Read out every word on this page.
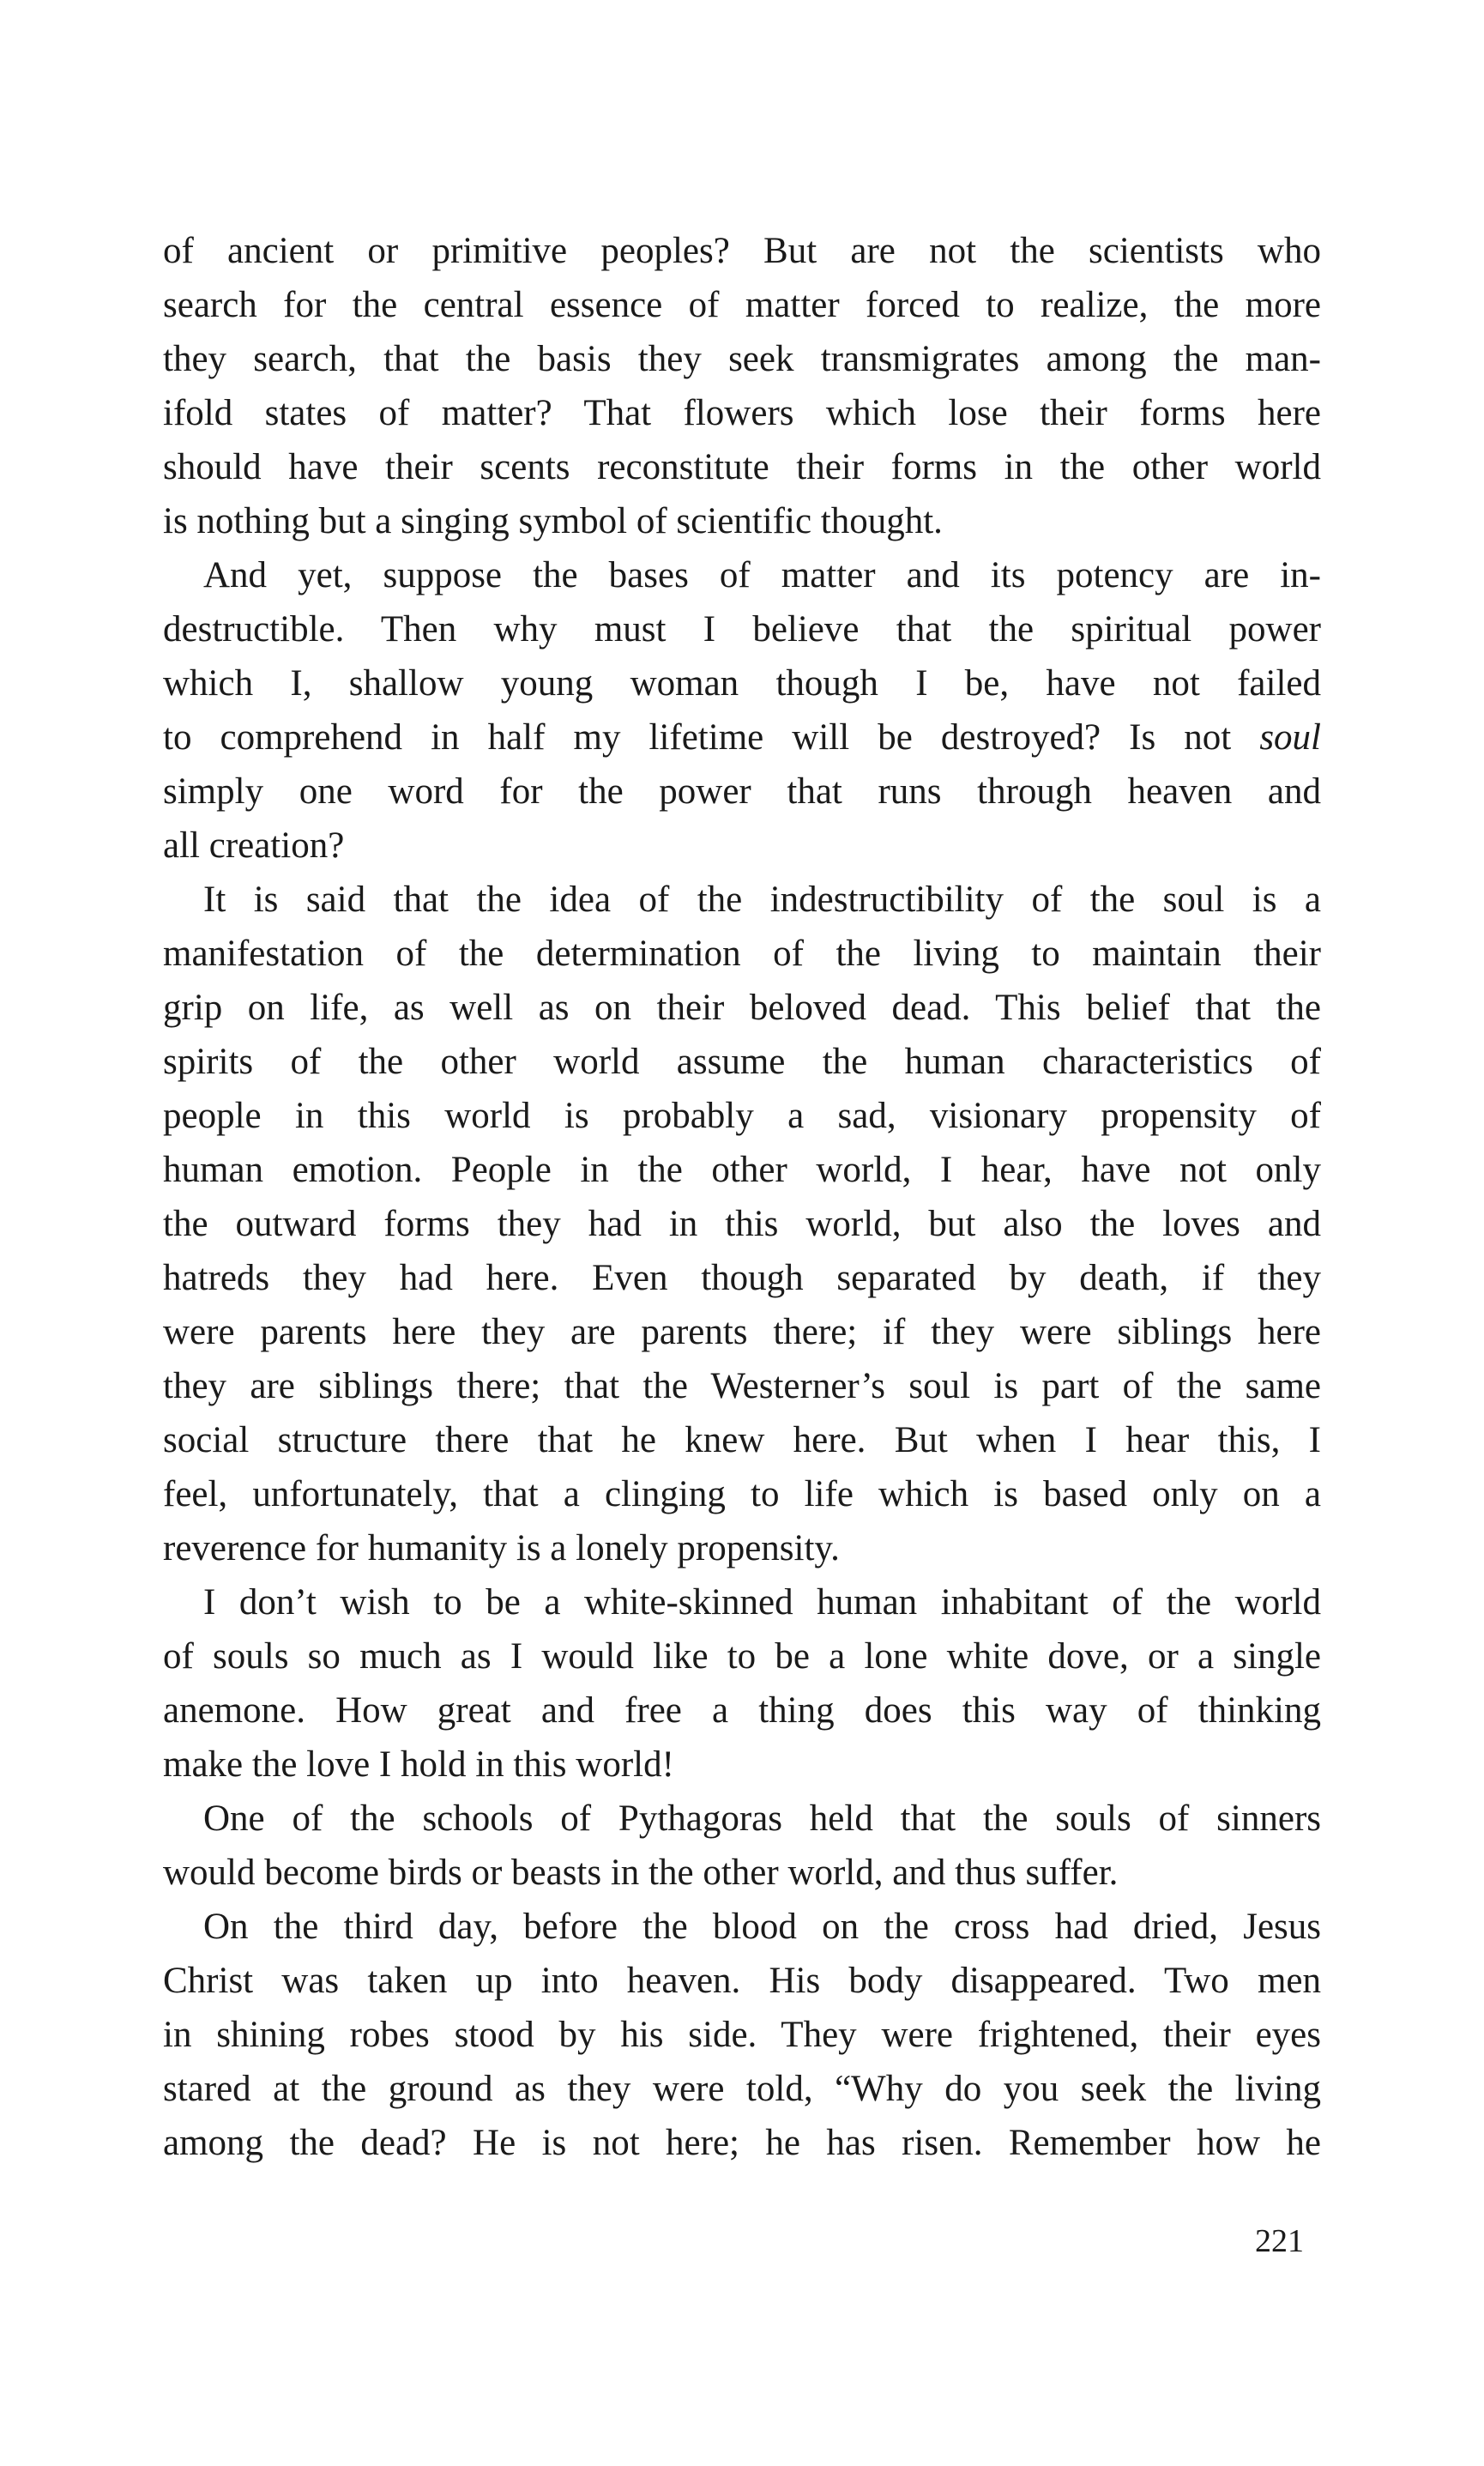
of ancient or primitive peoples? But are not the scientists who
search for the central essence of matter forced to realize, the more
they search, that the basis they seek transmigrates among the man-
ifold states of matter? That flowers which lose their forms here
should have their scents reconstitute their forms in the other world
is nothing but a singing symbol of scientific thought.
And yet, suppose the bases of matter and its potency are in-
destructible. Then why must I believe that the spiritual power
which I, shallow young woman though I be, have not failed
to comprehend in half my lifetime will be destroyed? Is not soul
simply one word for the power that runs through heaven and
all creation?
It is said that the idea of the indestructibility of the soul is a
manifestation of the determination of the living to maintain their
grip on life, as well as on their beloved dead. This belief that the
spirits of the other world assume the human characteristics of
people in this world is probably a sad, visionary propensity of
human emotion. People in the other world, I hear, have not only
the outward forms they had in this world, but also the loves and
hatreds they had here. Even though separated by death, if they
were parents here they are parents there; if they were siblings here
they are siblings there; that the Westerner’s soul is part of the same
social structure there that he knew here. But when I hear this, I
feel, unfortunately, that a clinging to life which is based only on a
reverence for humanity is a lonely propensity.
I don’t wish to be a white-skinned human inhabitant of the world
of souls so much as I would like to be a lone white dove, or a single
anemone. How great and free a thing does this way of thinking
make the love I hold in this world!
One of the schools of Pythagoras held that the souls of sinners
would become birds or beasts in the other world, and thus suffer.
On the third day, before the blood on the cross had dried, Jesus
Christ was taken up into heaven. His body disappeared. Two men
in shining robes stood by his side. They were frightened, their eyes
stared at the ground as they were told, “Why do you seek the living
among the dead? He is not here; he has risen. Remember how he
221
